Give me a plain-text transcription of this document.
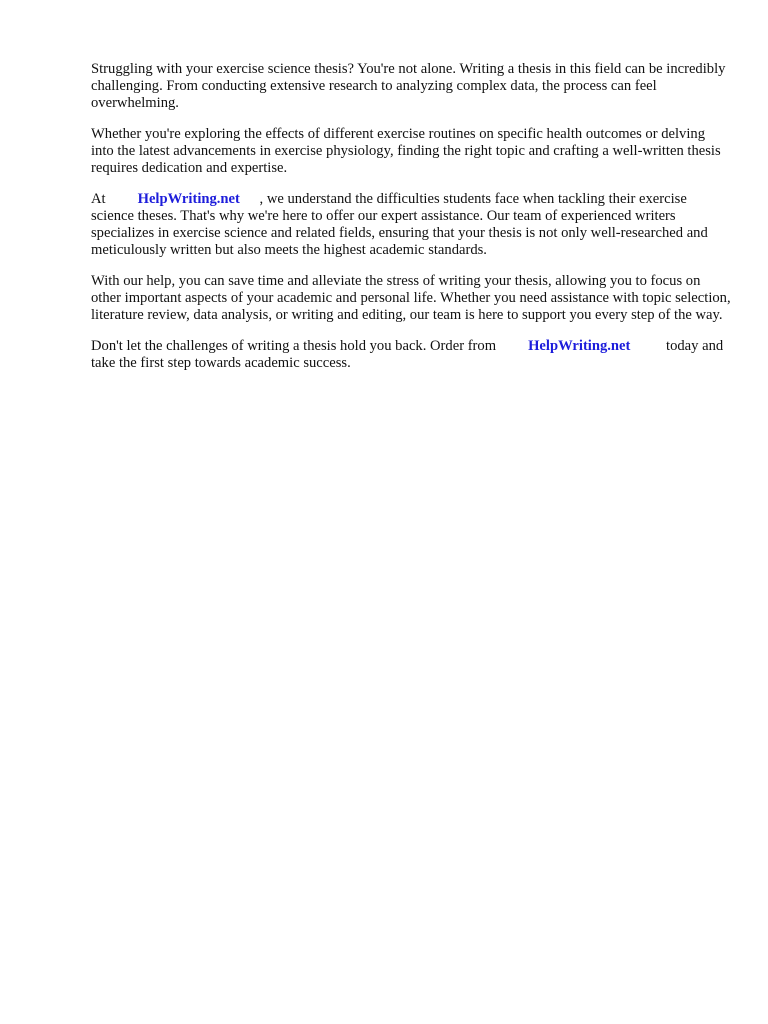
Struggling with your exercise science thesis? You're not alone. Writing a thesis in this field can be incredibly challenging. From conducting extensive research to analyzing complex data, the process can feel overwhelming.

Whether you're exploring the effects of different exercise routines on specific health outcomes or delving into the latest advancements in exercise physiology, finding the right topic and crafting a well-written thesis requires dedication and expertise.

At HelpWriting.net , we understand the difficulties students face when tackling their exercise science theses. That's why we're here to offer our expert assistance. Our team of experienced writers specializes in exercise science and related fields, ensuring that your thesis is not only well-researched and meticulously written but also meets the highest academic standards.

With our help, you can save time and alleviate the stress of writing your thesis, allowing you to focus on other important aspects of your academic and personal life. Whether you need assistance with topic selection, literature review, data analysis, or writing and editing, our team is here to support you every step of the way.

Don't let the challenges of writing a thesis hold you back. Order from HelpWriting.net today and take the first step towards academic success.
